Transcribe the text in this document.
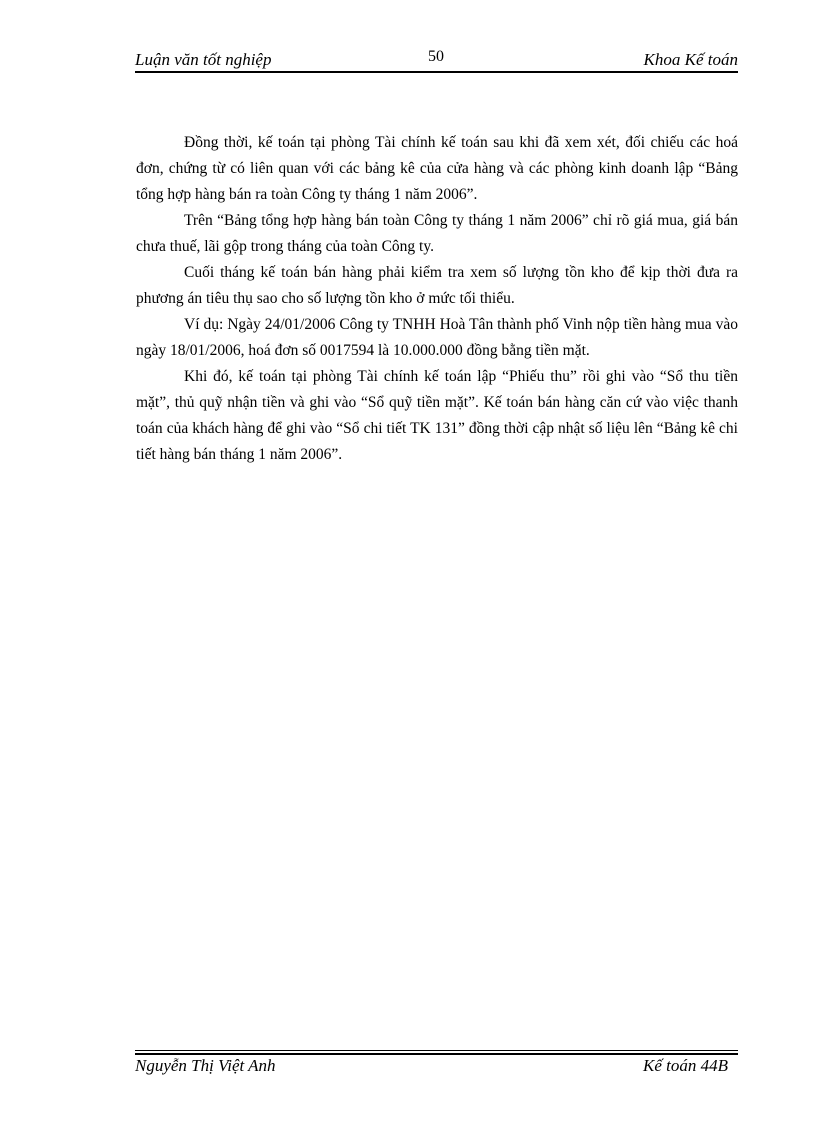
Luận văn tốt nghiệp	50	Khoa Kế toán

Đồng thời, kế toán tại phòng Tài chính kế toán sau khi đã xem xét, đối chiếu các hoá đơn, chứng từ có liên quan với các bảng kê của cửa hàng và các phòng kinh doanh lập “Bảng tổng hợp hàng bán ra toàn Công ty tháng 1 năm 2006”.

Trên “Bảng tổng hợp hàng bán toàn Công ty tháng 1 năm 2006” chỉ rõ giá mua, giá bán chưa thuế, lãi gộp trong tháng của toàn Công ty.

Cuối tháng kế toán bán hàng phải kiểm tra xem số lượng tồn kho để kịp thời đưa ra phương án tiêu thụ sao cho số lượng tồn kho ở mức tối thiểu.

Ví dụ: Ngày 24/01/2006 Công ty TNHH Hoà Tân thành phố Vinh nộp tiền hàng mua vào ngày 18/01/2006, hoá đơn số 0017594 là 10.000.000 đồng bằng tiền mặt.

Khi đó, kế toán tại phòng Tài chính kế toán lập “Phiếu thu” rồi ghi vào “Sổ thu tiền mặt”, thủ quỹ nhận tiền và ghi vào “Sổ quỹ tiền mặt”. Kế toán bán hàng căn cứ vào việc thanh toán của khách hàng để ghi vào “Sổ chi tiết TK 131” đồng thời cập nhật số liệu lên “Bảng kê chi tiết hàng bán tháng 1 năm 2006”.

Nguyễn Thị Việt Anh	Kế toán 44B
